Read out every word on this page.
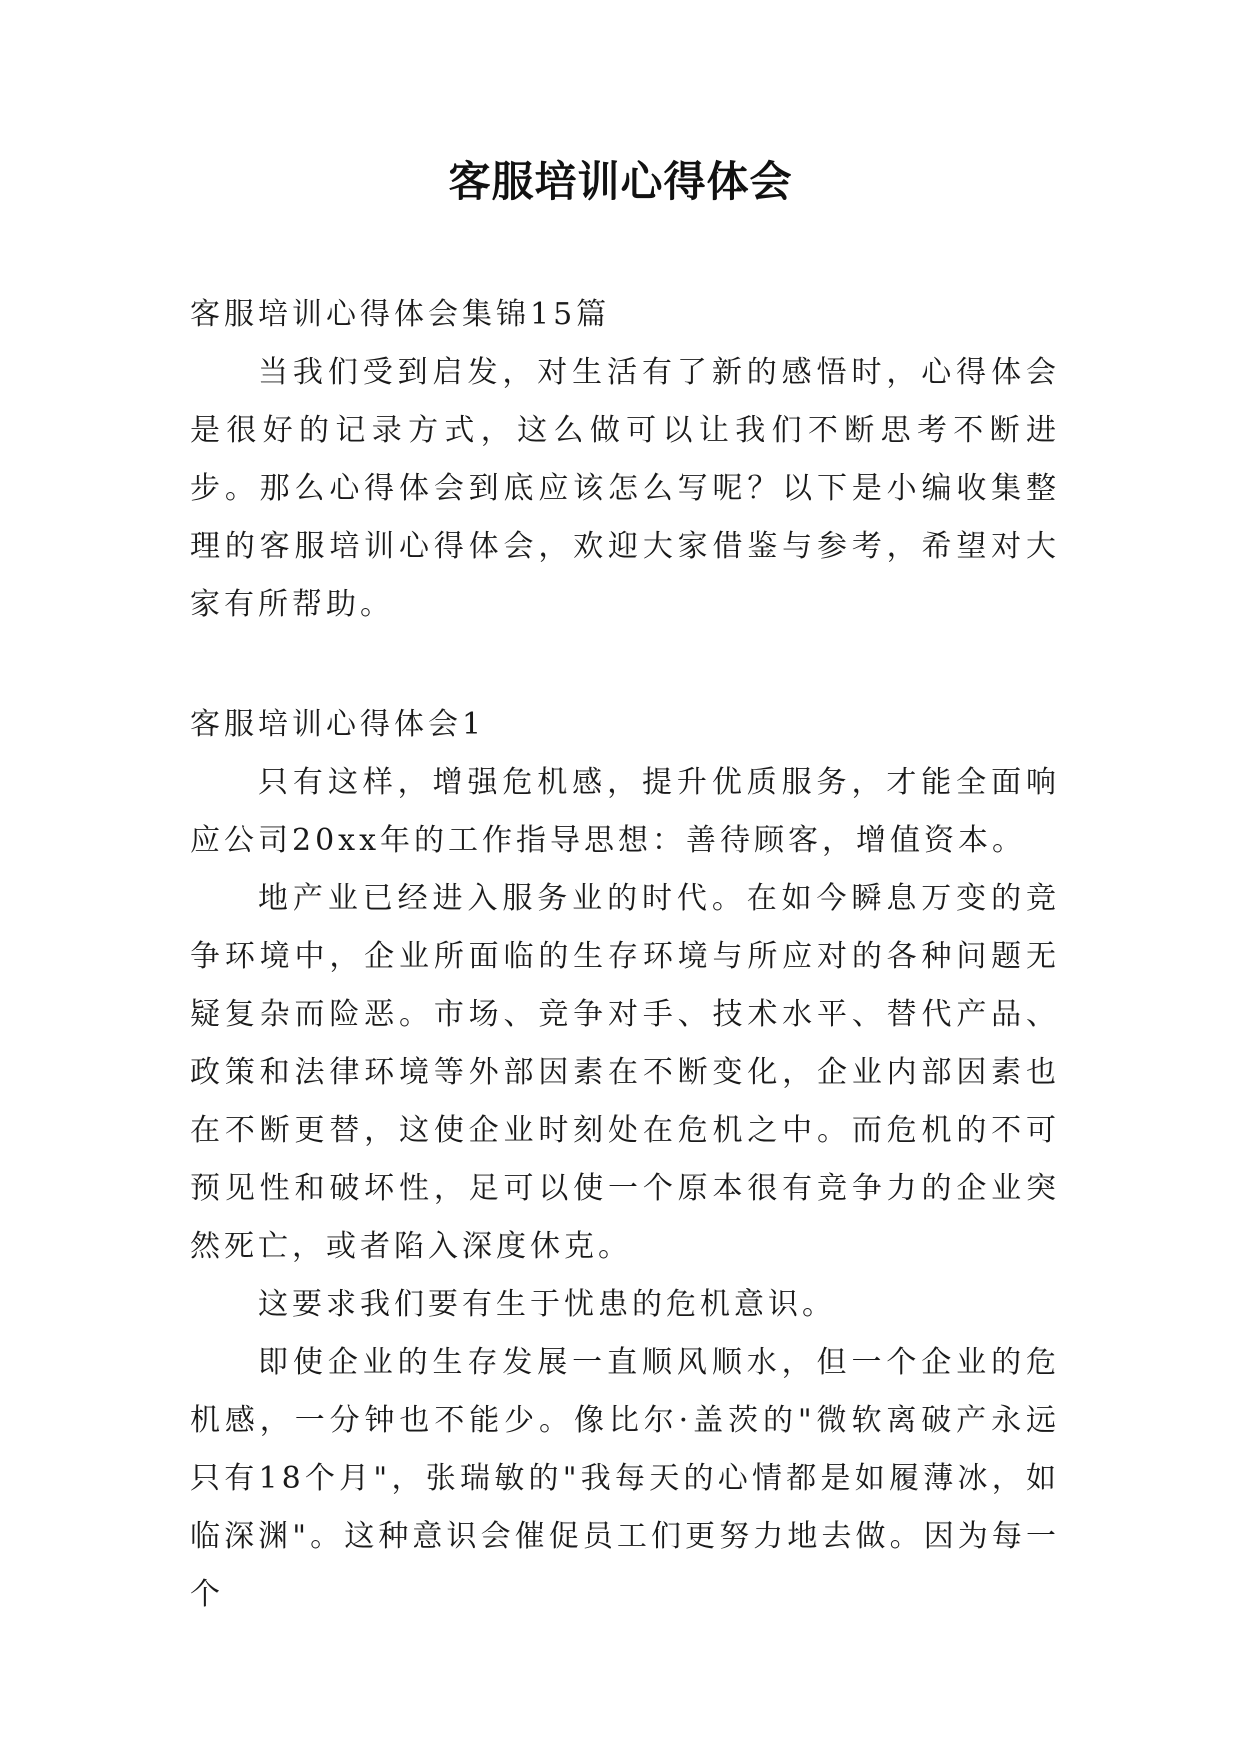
客服培训心得体会

客服培训心得体会集锦15篇

当我们受到启发，对生活有了新的感悟时，心得体会是很好的记录方式，这么做可以让我们不断思考不断进步。那么心得体会到底应该怎么写呢？以下是小编收集整理的客服培训心得体会，欢迎大家借鉴与参考，希望对大家有所帮助。

客服培训心得体会1

只有这样，增强危机感，提升优质服务，才能全面响应公司20xx年的工作指导思想：善待顾客，增值资本。

地产业已经进入服务业的时代。在如今瞬息万变的竞争环境中，企业所面临的生存环境与所应对的各种问题无疑复杂而险恶。市场、竞争对手、技术水平、替代产品、政策和法律环境等外部因素在不断变化，企业内部因素也在不断更替，这使企业时刻处在危机之中。而危机的不可预见性和破坏性，足可以使一个原本很有竞争力的企业突然死亡，或者陷入深度休克。

这要求我们要有生于忧患的危机意识。

即使企业的生存发展一直顺风顺水，但一个企业的危机感，一分钟也不能少。像比尔·盖茨的"微软离破产永远只有18个月"，张瑞敏的"我每天的心情都是如履薄冰，如临深渊"。这种意识会催促员工们更努力地去做。因为每一个
